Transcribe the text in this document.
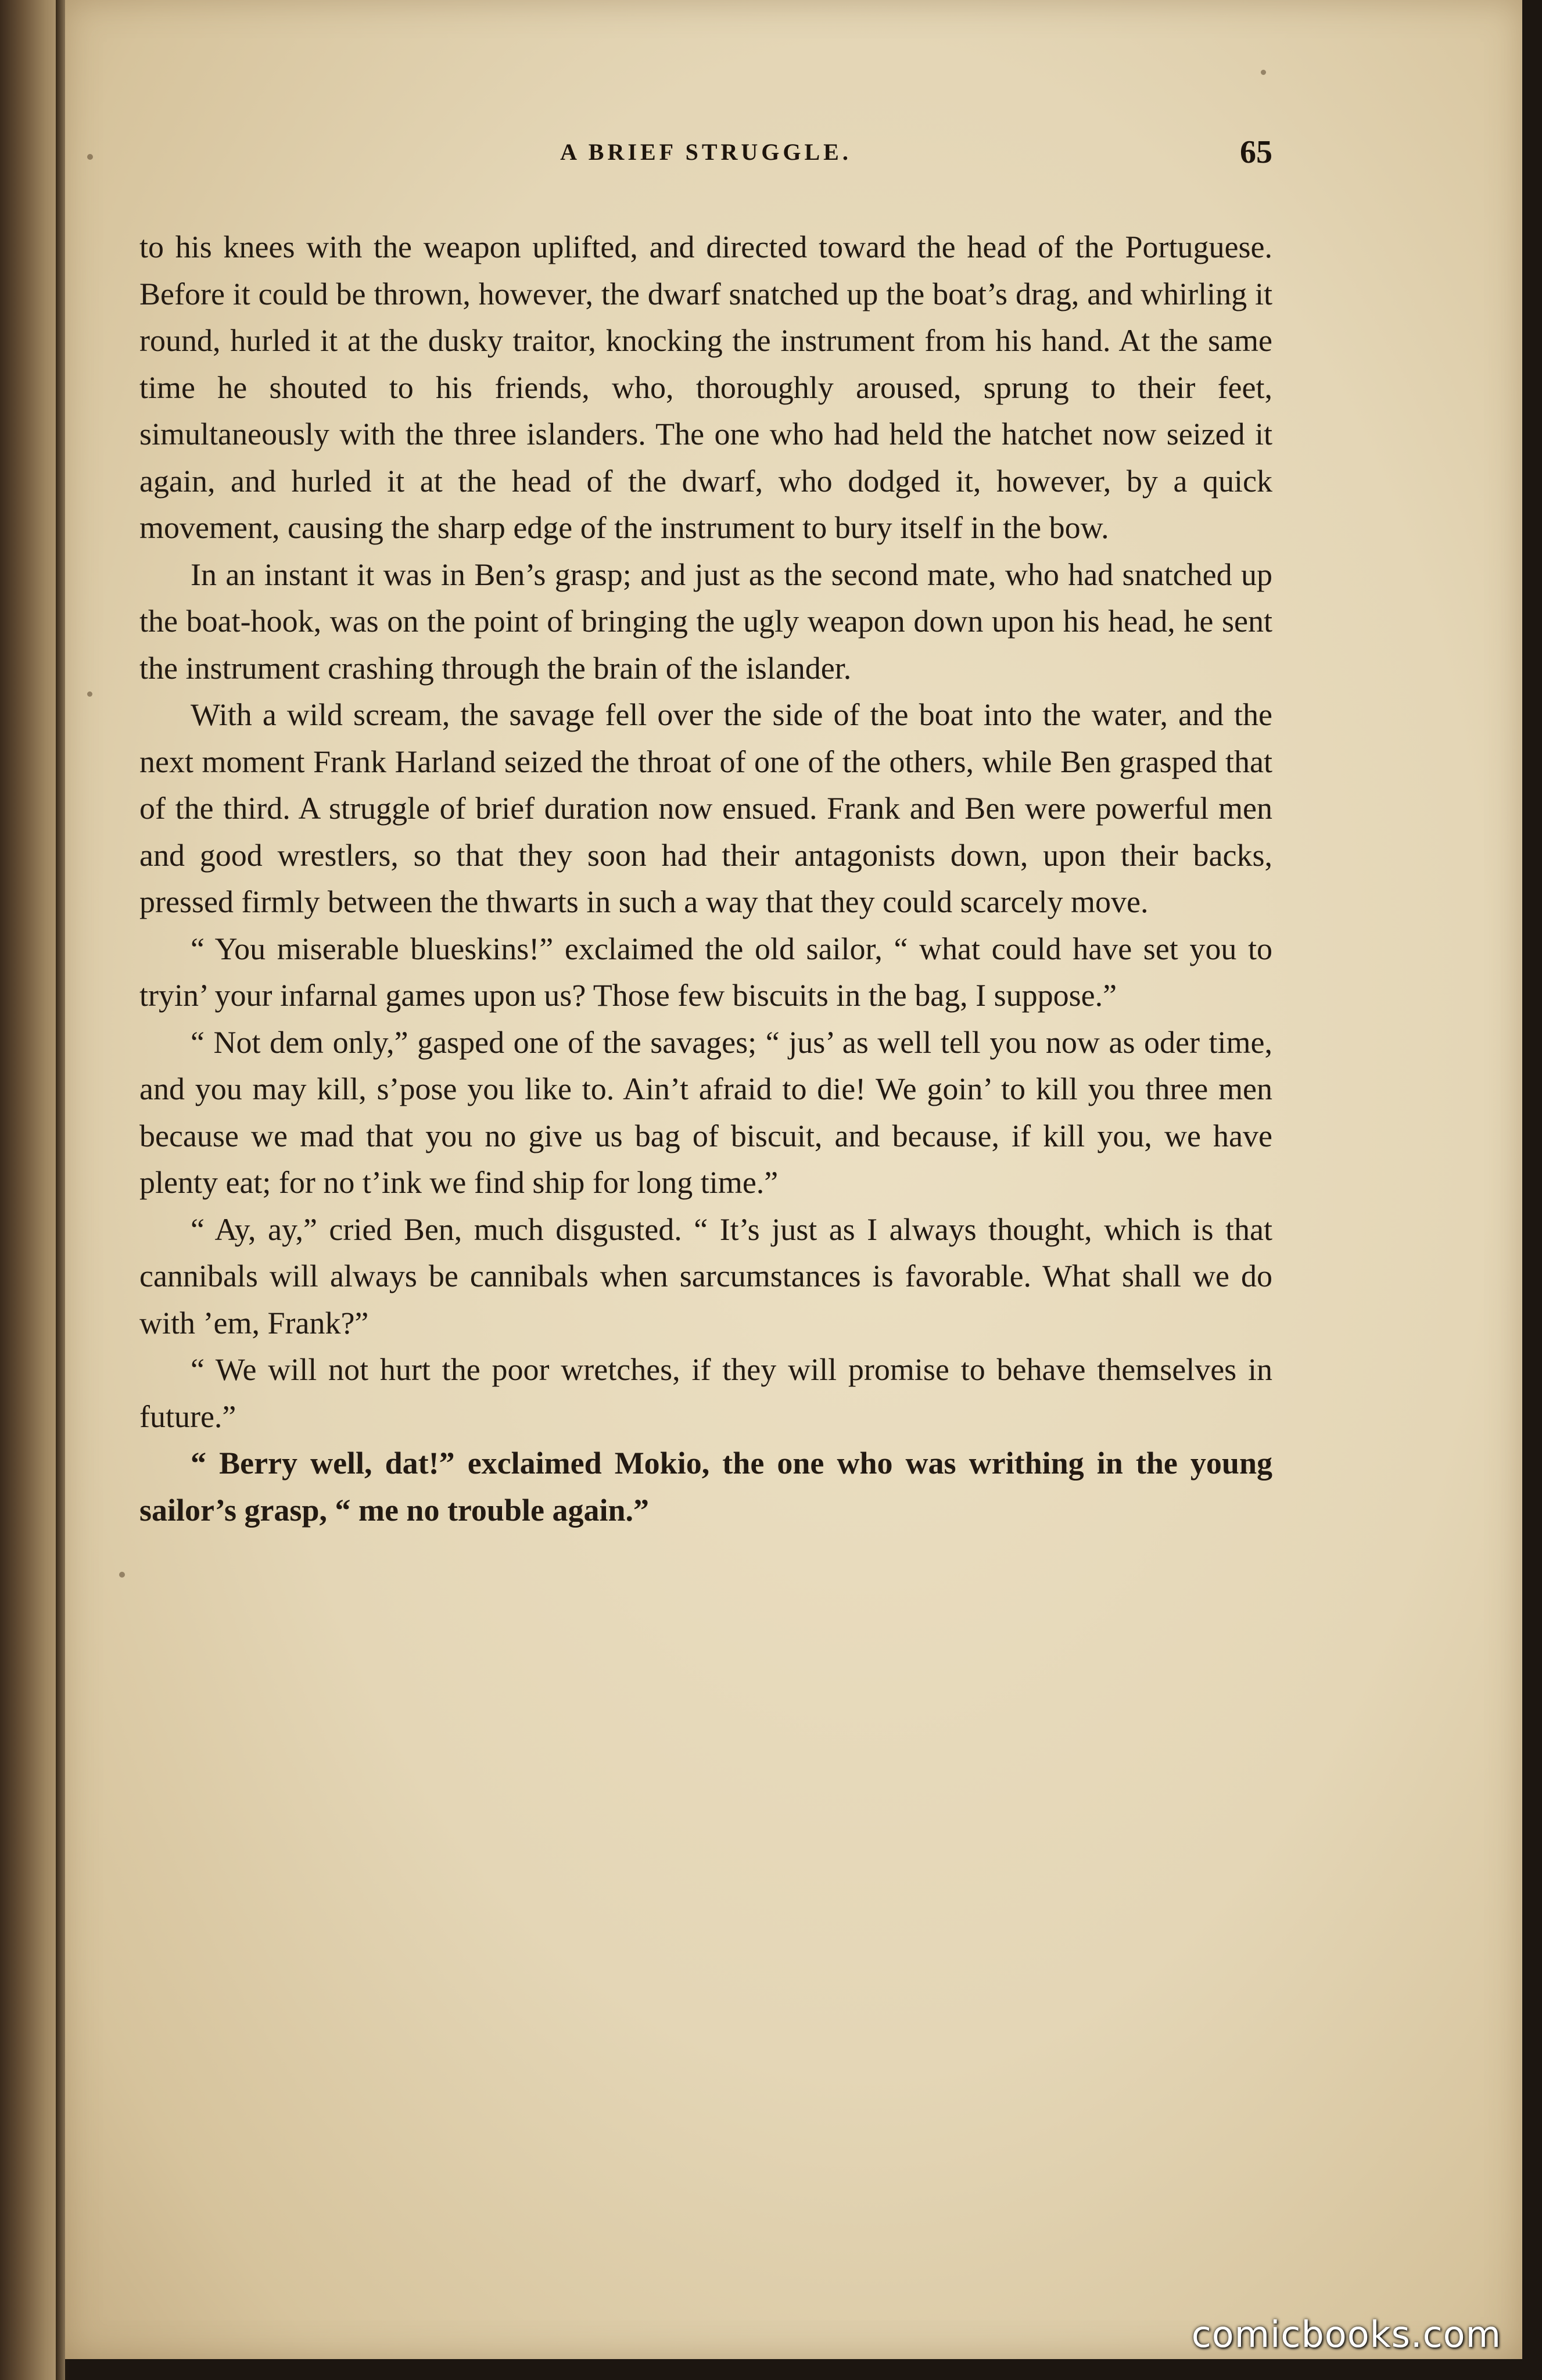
A BRIEF STRUGGLE.	65

to his knees with the weapon uplifted, and directed toward the head of the Portuguese. Before it could be thrown, however, the dwarf snatched up the boat’s drag, and whirling it round, hurled it at the dusky traitor, knocking the instrument from his hand. At the same time he shouted to his friends, who, thoroughly aroused, sprung to their feet, simultaneously with the three islanders. The one who had held the hatchet now seized it again, and hurled it at the head of the dwarf, who dodged it, however, by a quick movement, causing the sharp edge of the instrument to bury itself in the bow.

In an instant it was in Ben’s grasp; and just as the second mate, who had snatched up the boat-hook, was on the point of bringing the ugly weapon down upon his head, he sent the instrument crashing through the brain of the islander.

With a wild scream, the savage fell over the side of the boat into the water, and the next moment Frank Harland seized the throat of one of the others, while Ben grasped that of the third. A struggle of brief duration now ensued. Frank and Ben were powerful men and good wrestlers, so that they soon had their antagonists down, upon their backs, pressed firmly between the thwarts in such a way that they could scarcely move.

“ You miserable blueskins!” exclaimed the old sailor, “ what could have set you to tryin’ your infarnal games upon us? Those few biscuits in the bag, I suppose.”

“ Not dem only,” gasped one of the savages; “ jus’ as well tell you now as oder time, and you may kill, s’pose you like to. Ain’t afraid to die! We goin’ to kill you three men because we mad that you no give us bag of biscuit, and because, if kill you, we have plenty eat; for no t’ink we find ship for long time.”

“ Ay, ay,” cried Ben, much disgusted. “ It’s just as I always thought, which is that cannibals will always be cannibals when sarcumstances is favorable. What shall we do with ’em, Frank?”

“ We will not hurt the poor wretches, if they will promise to behave themselves in future.”

“ Berry well, dat!” exclaimed Mokio, the one who was writhing in the young sailor’s grasp, “ me no trouble again.”

comicbooks.com
